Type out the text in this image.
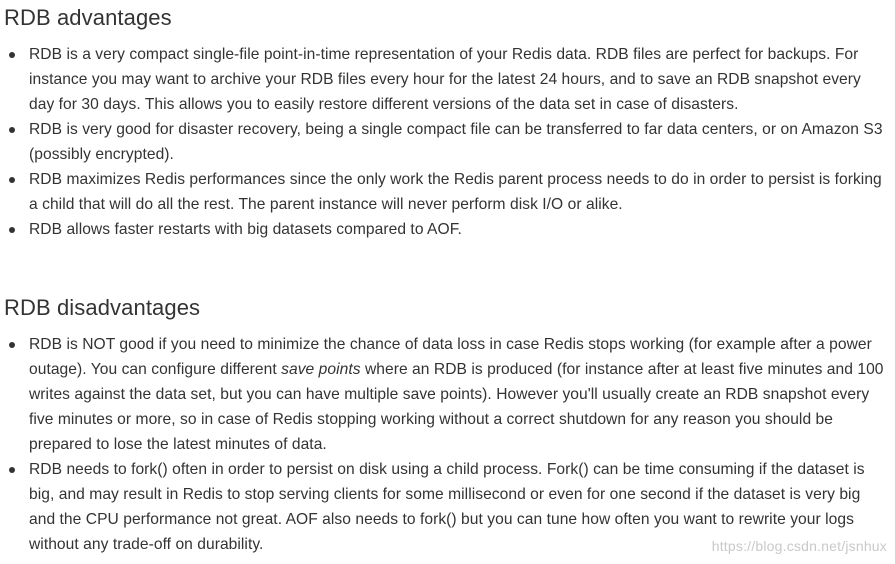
RDB advantages
RDB is a very compact single-file point-in-time representation of your Redis data. RDB files are perfect for backups. For instance you may want to archive your RDB files every hour for the latest 24 hours, and to save an RDB snapshot every day for 30 days. This allows you to easily restore different versions of the data set in case of disasters.
RDB is very good for disaster recovery, being a single compact file can be transferred to far data centers, or on Amazon S3 (possibly encrypted).
RDB maximizes Redis performances since the only work the Redis parent process needs to do in order to persist is forking a child that will do all the rest. The parent instance will never perform disk I/O or alike.
RDB allows faster restarts with big datasets compared to AOF.
RDB disadvantages
RDB is NOT good if you need to minimize the chance of data loss in case Redis stops working (for example after a power outage). You can configure different save points where an RDB is produced (for instance after at least five minutes and 100 writes against the data set, but you can have multiple save points). However you'll usually create an RDB snapshot every five minutes or more, so in case of Redis stopping working without a correct shutdown for any reason you should be prepared to lose the latest minutes of data.
RDB needs to fork() often in order to persist on disk using a child process. Fork() can be time consuming if the dataset is big, and may result in Redis to stop serving clients for some millisecond or even for one second if the dataset is very big and the CPU performance not great. AOF also needs to fork() but you can tune how often you want to rewrite your logs without any trade-off on durability.	https://blog.csdn.net/jsnhux
